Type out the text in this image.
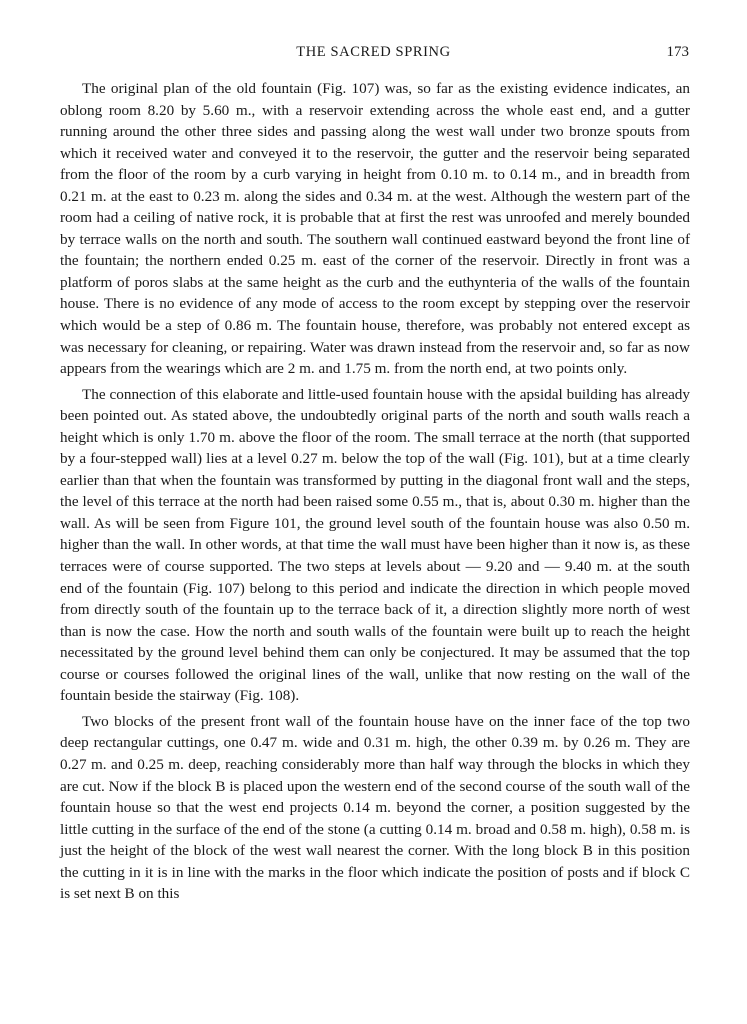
THE SACRED SPRING	173

The original plan of the old fountain (Fig. 107) was, so far as the existing evidence indicates, an oblong room 8.20 by 5.60 m., with a reservoir extending across the whole east end, and a gutter running around the other three sides and passing along the west wall under two bronze spouts from which it received water and conveyed it to the reservoir, the gutter and the reservoir being separated from the floor of the room by a curb varying in height from 0.10 m. to 0.14 m., and in breadth from 0.21 m. at the east to 0.23 m. along the sides and 0.34 m. at the west. Although the western part of the room had a ceiling of native rock, it is probable that at first the rest was unroofed and merely bounded by terrace walls on the north and south. The southern wall continued eastward beyond the front line of the fountain; the northern ended 0.25 m. east of the corner of the reservoir. Directly in front was a platform of poros slabs at the same height as the curb and the euthynteria of the walls of the fountain house. There is no evidence of any mode of access to the room except by stepping over the reservoir which would be a step of 0.86 m. The fountain house, therefore, was probably not entered except as was necessary for cleaning, or repairing. Water was drawn instead from the reservoir and, so far as now appears from the wearings which are 2 m. and 1.75 m. from the north end, at two points only.

The connection of this elaborate and little-used fountain house with the apsidal building has already been pointed out. As stated above, the undoubtedly original parts of the north and south walls reach a height which is only 1.70 m. above the floor of the room. The small terrace at the north (that supported by a four-stepped wall) lies at a level 0.27 m. below the top of the wall (Fig. 101), but at a time clearly earlier than that when the fountain was transformed by putting in the diagonal front wall and the steps, the level of this terrace at the north had been raised some 0.55 m., that is, about 0.30 m. higher than the wall. As will be seen from Figure 101, the ground level south of the fountain house was also 0.50 m. higher than the wall. In other words, at that time the wall must have been higher than it now is, as these terraces were of course supported. The two steps at levels about — 9.20 and — 9.40 m. at the south end of the fountain (Fig. 107) belong to this period and indicate the direction in which people moved from directly south of the fountain up to the terrace back of it, a direction slightly more north of west than is now the case. How the north and south walls of the fountain were built up to reach the height necessitated by the ground level behind them can only be conjectured. It may be assumed that the top course or courses followed the original lines of the wall, unlike that now resting on the wall of the fountain beside the stairway (Fig. 108).

Two blocks of the present front wall of the fountain house have on the inner face of the top two deep rectangular cuttings, one 0.47 m. wide and 0.31 m. high, the other 0.39 m. by 0.26 m. They are 0.27 m. and 0.25 m. deep, reaching considerably more than half way through the blocks in which they are cut. Now if the block B is placed upon the western end of the second course of the south wall of the fountain house so that the west end projects 0.14 m. beyond the corner, a position suggested by the little cutting in the surface of the end of the stone (a cutting 0.14 m. broad and 0.58 m. high), 0.58 m. is just the height of the block of the west wall nearest the corner. With the long block B in this position the cutting in it is in line with the marks in the floor which indicate the position of posts and if block C is set next B on this
